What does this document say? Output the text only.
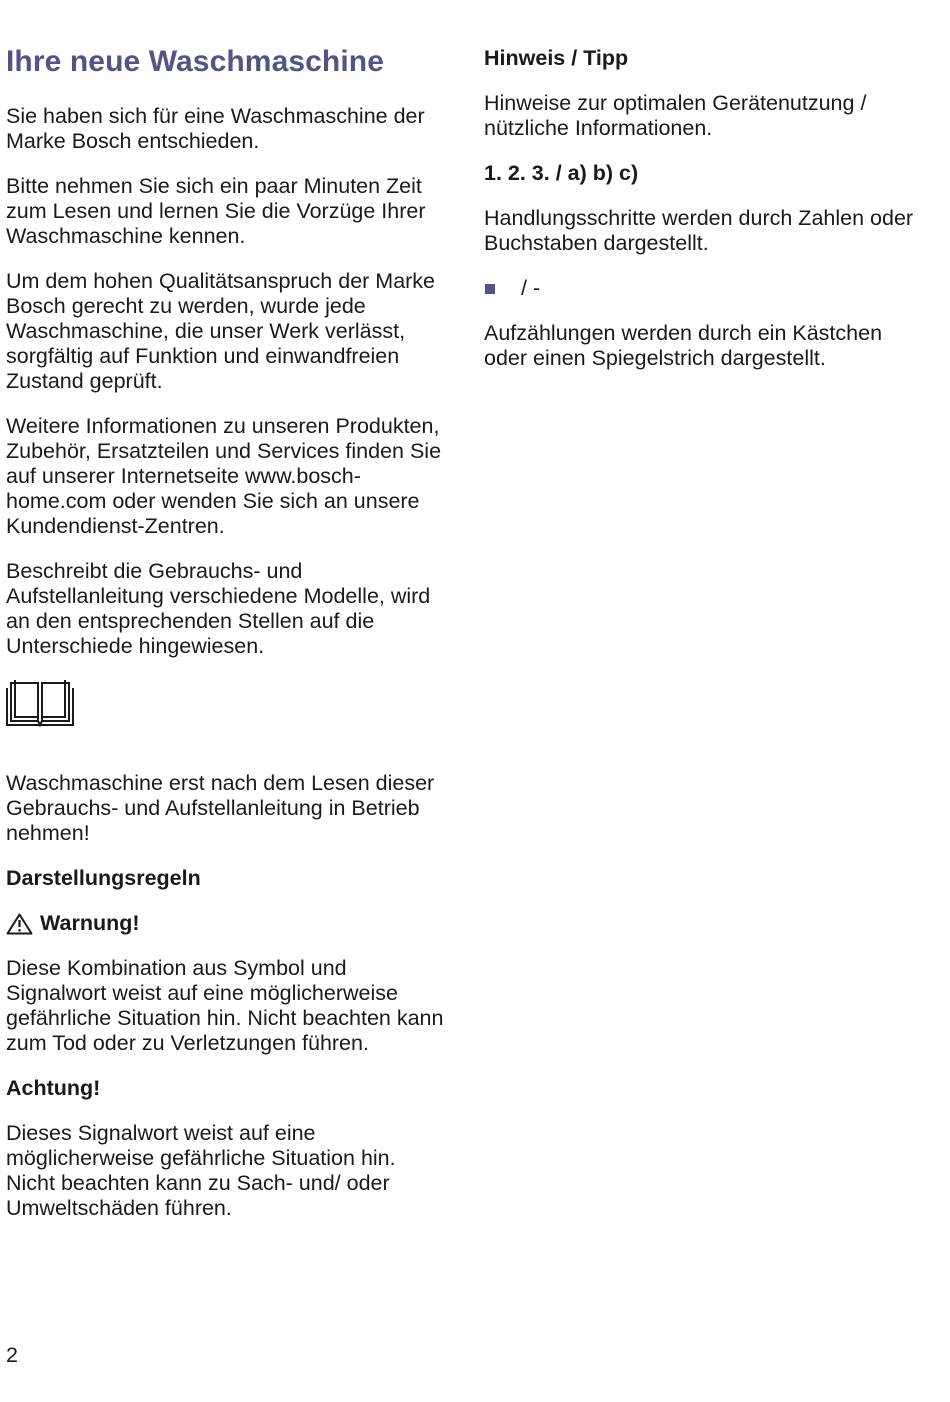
Ihre neue Waschmaschine

Sie haben sich für eine Waschmaschine der Marke Bosch entschieden.

Bitte nehmen Sie sich ein paar Minuten Zeit zum Lesen und lernen Sie die Vorzüge Ihrer Waschmaschine kennen.

Um dem hohen Qualitätsanspruch der Marke Bosch gerecht zu werden, wurde jede Waschmaschine, die unser Werk verlässt, sorgfältig auf Funktion und einwandfreien Zustand geprüft.

Weitere Informationen zu unseren Produkten, Zubehör, Ersatzteilen und Services finden Sie auf unserer Internetseite www.bosch-home.com oder wenden Sie sich an unsere Kundendienst-Zentren.

Beschreibt die Gebrauchs- und Aufstellanleitung verschiedene Modelle, wird an den entsprechenden Stellen auf die Unterschiede hingewiesen.

Waschmaschine erst nach dem Lesen dieser Gebrauchs- und Aufstellanleitung in Betrieb nehmen!

Darstellungsregeln
Warnung!

Diese Kombination aus Symbol und Signalwort weist auf eine möglicherweise gefährliche Situation hin. Nicht beachten kann zum Tod oder zu Verletzungen führen.

Achtung!

Dieses Signalwort weist auf eine möglicherweise gefährliche Situation hin. Nicht beachten kann zu Sach- und/ oder Umweltschäden führen.

Hinweis / Tipp

Hinweise zur optimalen Gerätenutzung / nützliche Informationen.

1. 2. 3. / a) b) c)

Handlungsschritte werden durch Zahlen oder Buchstaben dargestellt.

/ -

Aufzählungen werden durch ein Kästchen oder einen Spiegelstrich dargestellt.

2
